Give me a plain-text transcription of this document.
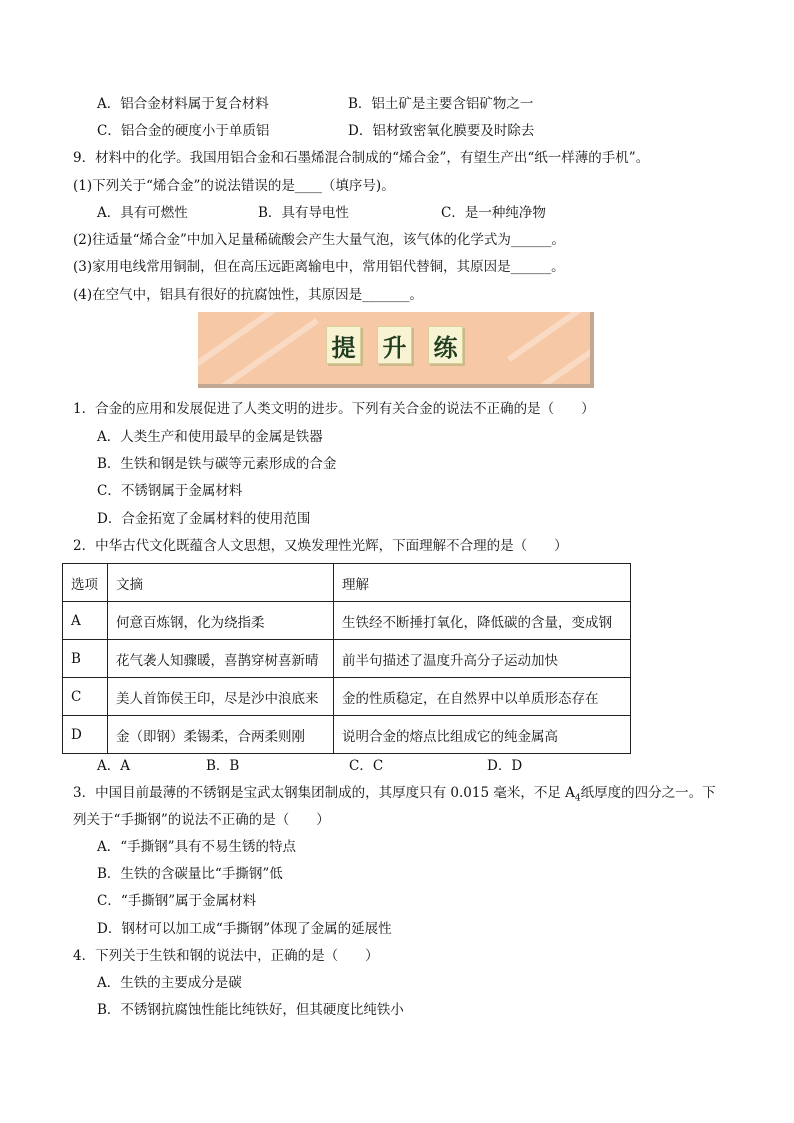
A．铝合金材料属于复合材料	B．铝土矿是主要含铝矿物之一
C．铝合金的硬度小于单质铝	D．铝材致密氧化膜要及时除去
9．材料中的化学。我国用铝合金和石墨烯混合制成的“烯合金”，有望生产出“纸一样薄的手机”。
(1)下列关于“烯合金”的说法错误的是____（填序号)。
A．具有可燃性	B．具有导电性	C．是一种纯净物
(2)往适量“烯合金”中加入足量稀硫酸会产生大量气泡，该气体的化学式为______。
(3)家用电线常用铜制，但在高压远距离输电中，常用铝代替铜，其原因是______。
(4)在空气中，铝具有很好的抗腐蚀性，其原因是_______。
提 升 练
1．合金的应用和发展促进了人类文明的进步。下列有关合金的说法不正确的是（　　）
A．人类生产和使用最早的金属是铁器
B．生铁和钢是铁与碳等元素形成的合金
C．不锈钢属于金属材料
D．合金拓宽了金属材料的使用范围
2．中华古代文化既蕴含人文思想，又焕发理性光辉，下面理解不合理的是（　　）
选项	文摘	理解
A	何意百炼钢，化为绕指柔	生铁经不断捶打氧化，降低碳的含量，变成钢
B	花气袭人知骤暖，喜鹊穿树喜新晴	前半句描述了温度升高分子运动加快
C	美人首饰侯王印，尽是沙中浪底来	金的性质稳定，在自然界中以单质形态存在
D	金（即钢）柔锡柔，合两柔则刚	说明合金的熔点比组成它的纯金属高
A．A	B．B	C．C	D．D
3．中国目前最薄的不锈钢是宝武太钢集团制成的，其厚度只有 0.015 毫米，不足 $A_4$纸厚度的四分之一。下
列关于“手撕钢”的说法不正确的是（　　）
A．“手撕钢”具有不易生锈的特点
B．生铁的含碳量比“手撕钢”低
C．“手撕钢”属于金属材料
D．钢材可以加工成“手撕钢”体现了金属的延展性
4．下列关于生铁和钢的说法中，正确的是（　　）
A．生铁的主要成分是碳
B．不锈钢抗腐蚀性能比纯铁好，但其硬度比纯铁小
